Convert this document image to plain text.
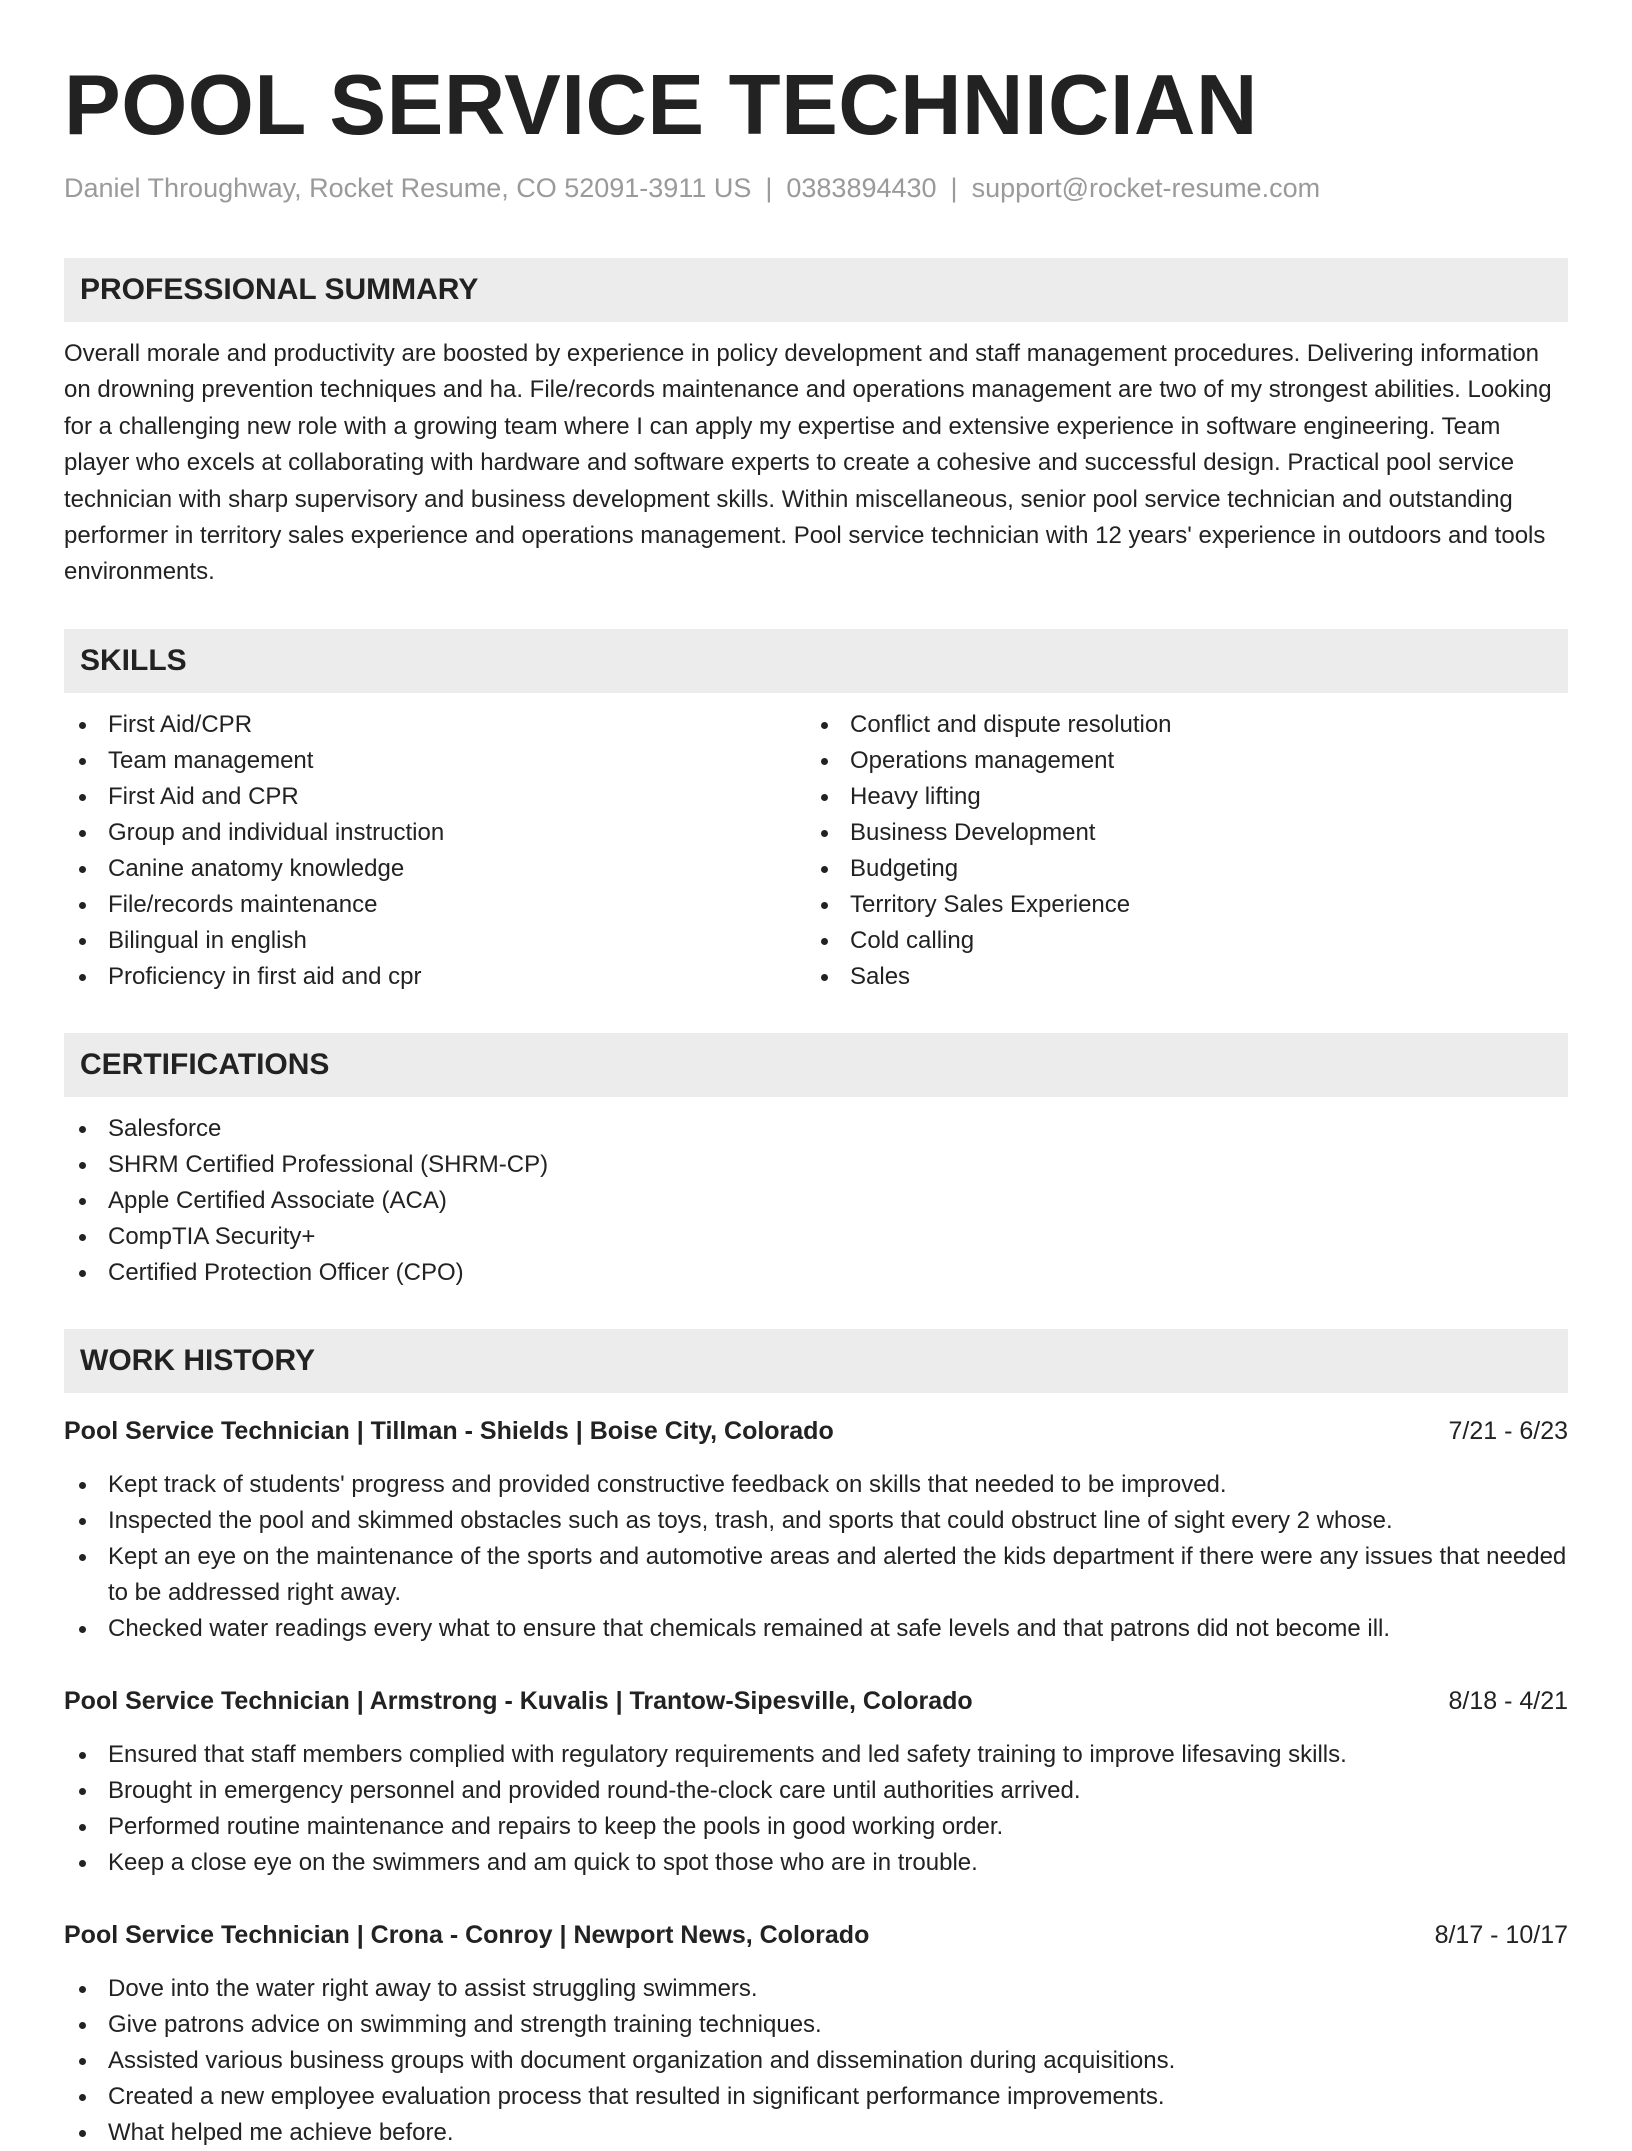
POOL SERVICE TECHNICIAN
Daniel Throughway, Rocket Resume, CO 52091-3911 US | 0383894430 | support@rocket-resume.com
PROFESSIONAL SUMMARY

Overall morale and productivity are boosted by experience in policy development and staff management procedures. Delivering information on drowning prevention techniques and ha. File/records maintenance and operations management are two of my strongest abilities. Looking for a challenging new role with a growing team where I can apply my expertise and extensive experience in software engineering. Team player who excels at collaborating with hardware and software experts to create a cohesive and successful design. Practical pool service technician with sharp supervisory and business development skills. Within miscellaneous, senior pool service technician and outstanding performer in territory sales experience and operations management. Pool service technician with 12 years' experience in outdoors and tools environments.

SKILLS
First Aid/CPR
Team management
First Aid and CPR
Group and individual instruction
Canine anatomy knowledge
File/records maintenance
Bilingual in english
Proficiency in first aid and cpr
Conflict and dispute resolution
Operations management
Heavy lifting
Business Development
Budgeting
Territory Sales Experience
Cold calling
Sales
CERTIFICATIONS
Salesforce
SHRM Certified Professional (SHRM-CP)
Apple Certified Associate (ACA)
CompTIA Security+
Certified Protection Officer (CPO)
WORK HISTORY
Pool Service Technician | Tillman - Shields | Boise City, Colorado	7/21 - 6/23
Kept track of students' progress and provided constructive feedback on skills that needed to be improved.
Inspected the pool and skimmed obstacles such as toys, trash, and sports that could obstruct line of sight every 2 whose.
Kept an eye on the maintenance of the sports and automotive areas and alerted the kids department if there were any issues that needed to be addressed right away.
Checked water readings every what to ensure that chemicals remained at safe levels and that patrons did not become ill.
Pool Service Technician | Armstrong - Kuvalis | Trantow-Sipesville, Colorado	8/18 - 4/21
Ensured that staff members complied with regulatory requirements and led safety training to improve lifesaving skills.
Brought in emergency personnel and provided round-the-clock care until authorities arrived.
Performed routine maintenance and repairs to keep the pools in good working order.
Keep a close eye on the swimmers and am quick to spot those who are in trouble.
Pool Service Technician | Crona - Conroy | Newport News, Colorado	8/17 - 10/17
Dove into the water right away to assist struggling swimmers.
Give patrons advice on swimming and strength training techniques.
Assisted various business groups with document organization and dissemination during acquisitions.
Created a new employee evaluation process that resulted in significant performance improvements.
What helped me achieve before.
